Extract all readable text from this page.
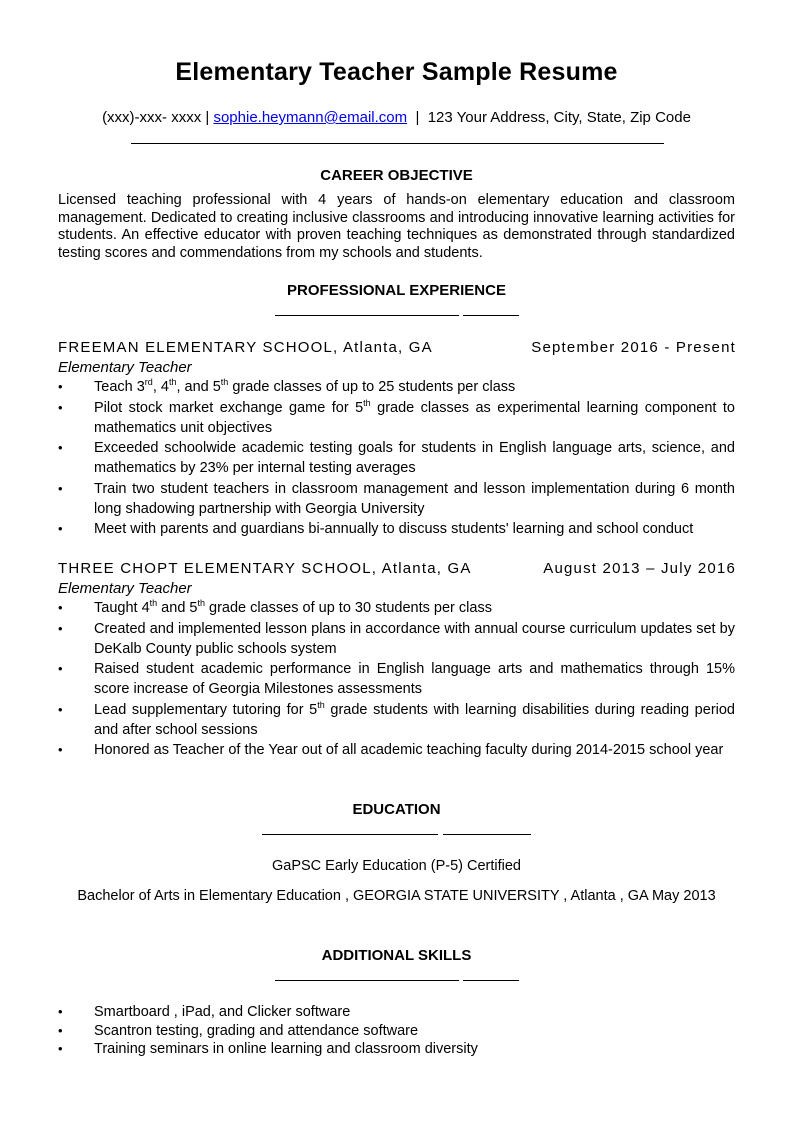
Elementary Teacher Sample Resume
(xxx)-xxx- xxxx | sophie.heymann@email.com | 123 Your Address, City, State, Zip Code
CAREER OBJECTIVE
Licensed teaching professional with 4 years of hands-on elementary education and classroom management. Dedicated to creating inclusive classrooms and introducing innovative learning activities for students. An effective educator with proven teaching techniques as demonstrated through standardized testing scores and commendations from my schools and students.
PROFESSIONAL EXPERIENCE
FREEMAN ELEMENTARY SCHOOL, Atlanta, GA	September 2016 - Present
Elementary Teacher
• Teach 3rd, 4th, and 5th grade classes of up to 25 students per class
• Pilot stock market exchange game for 5th grade classes as experimental learning component to mathematics unit objectives
• Exceeded schoolwide academic testing goals for students in English language arts, science, and mathematics by 23% per internal testing averages
• Train two student teachers in classroom management and lesson implementation during 6 month long shadowing partnership with Georgia University
• Meet with parents and guardians bi-annually to discuss students' learning and school conduct
THREE CHOPT ELEMENTARY SCHOOL, Atlanta, GA	August 2013 – July 2016
Elementary Teacher
• Taught 4th and 5th grade classes of up to 30 students per class
• Created and implemented lesson plans in accordance with annual course curriculum updates set by DeKalb County public schools system
• Raised student academic performance in English language arts and mathematics through 15% score increase of Georgia Milestones assessments
• Lead supplementary tutoring for 5th grade students with learning disabilities during reading period and after school sessions
• Honored as Teacher of the Year out of all academic teaching faculty during 2014-2015 school year
EDUCATION
GaPSC Early Education (P-5) Certified
Bachelor of Arts in Elementary Education , GEORGIA STATE UNIVERSITY , Atlanta , GA May 2013
ADDITIONAL SKILLS
• Smartboard , iPad, and Clicker software
• Scantron testing, grading and attendance software
• Training seminars in online learning and classroom diversity
